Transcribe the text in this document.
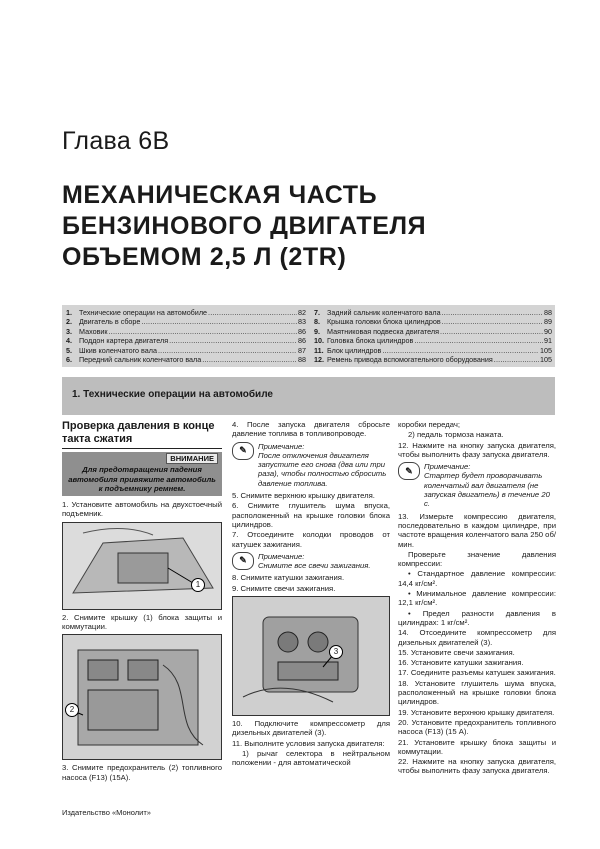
Глава 6В
МЕХАНИЧЕСКАЯ ЧАСТЬ
БЕНЗИНОВОГО ДВИГАТЕЛЯ
ОБЪЕМОМ 2,5 Л (2TR)
1. Технические операции на автомобиле .....	82
2. Двигатель в сборе .....	83
3. Маховик .....	86
4. Поддон картера двигателя .....	86
5. Шкив коленчатого вала .....	87
6. Передний сальник коленчатого вала .....	88
7. Задний сальник коленчатого вала .....	88
8. Крышка головки блока цилиндров .....	89
9. Маятниковая подвеска двигателя .....	90
10. Головка блока цилиндров .....	91
11. Блок цилиндров .....	105
12. Ремень привода вспомогательного оборудования .....	105
1. Технические операции на автомобиле
Проверка давления в конце такта сжатия
ВНИМАНИЕ
Для предотвращения падения автомобиля привяжите автомобиль к подъемнику ремнем.
1. Установите автомобиль на двухстоечный подъемник.
1
2. Снимите крышку (1) блока защиты и коммутации.
2
3. Снимите предохранитель (2) топливного насоса (F13) (15A).
4. После запуска двигателя сбросьте давление топлива в топливопроводе.
✎	Примечание:
После отключения двигателя запустите его снова (два или три раза), чтобы полностью сбросить давление топлива.
5. Снимите верхнюю крышку двигателя.
6. Снимите глушитель шума впуска, расположенный на крышке головки блока цилиндров.
7. Отсоедините колодки проводов от катушек зажигания.
✎	Примечание:
Снимите все свечи зажигания.
8. Снимите катушки зажигания.
9. Снимите свечи зажигания.
3
10. Подключите компрессометр для дизельных двигателей (3).
11. Выполните условия запуска двигателя:
1) рычаг селектора в нейтральном положении - для автоматической
коробки передач;
2) педаль тормоза нажата.
12. Нажмите на кнопку запуска двигателя, чтобы выполнить фазу запуска двигателя.
✎	Примечание:
Стартер будет проворачивать коленчатый вал двигателя (не запуская двигатель) в течение 20 с.
13. Измерьте компрессию двигателя, последовательно в каждом цилиндре, при частоте вращения коленчатого вала 250 об/мин.
Проверьте значение давления компрессии:
• Стандартное давление компрессии: 14,4 кг/см².
• Минимальное давление компрессии: 12,1 кг/см².
• Предел разности давления в цилиндрах: 1 кг/см².
14. Отсоедините компрессометр для дизельных двигателей (3).
15. Установите свечи зажигания.
16. Установите катушки зажигания.
17. Соедините разъемы катушек зажигания.
18. Установите глушитель шума впуска, расположенный на крышке головки блока цилиндров.
19. Установите верхнюю крышку двигателя.
20. Установите предохранитель топливного насоса (F13) (15 A).
21. Установите крышку блока защиты и коммутации.
22. Нажмите на кнопку запуска двигателя, чтобы выполнить фазу запуска двигателя.
Издательство «Монолит»
